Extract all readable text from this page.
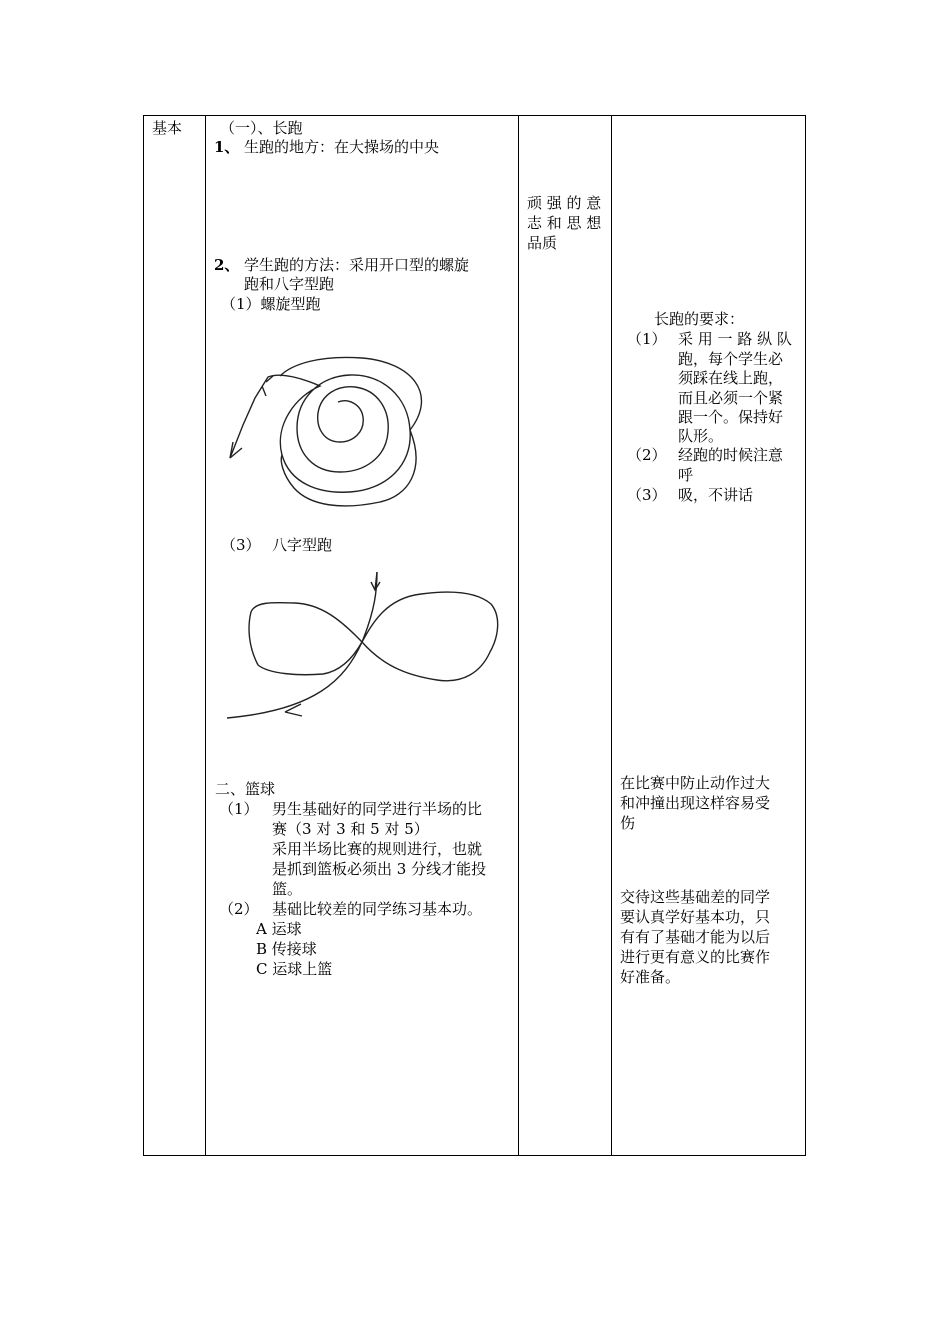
基本	（一）、长跑
1、 生跑的地方：在大操场的中央
2、 学生跑的方法：采用开口型的螺旋
跑和八字型跑
（1）螺旋型跑
（3） 八字型跑
二、篮球
（1） 男生基础好的同学进行半场的比
赛（3 对 3 和 5 对 5）
采用半场比赛的规则进行，也就
是抓到篮板必须出 3 分线才能投
篮。
（2） 基础比较差的同学练习基本功。
A 运球
B 传接球
C 运球上篮
顽 强 的 意
志 和 思 想
品质
长跑的要求：
（1） 采 用 一 路 纵 队
跑，每个学生必
须踩在线上跑，
而且必须一个紧
跟一个。保持好
队形。
（2） 经跑的时候注意
呼
（3） 吸，不讲话
在比赛中防止动作过大
和冲撞出现这样容易受
伤
交待这些基础差的同学
要认真学好基本功，只
有有了基础才能为以后
进行更有意义的比赛作
好准备。
